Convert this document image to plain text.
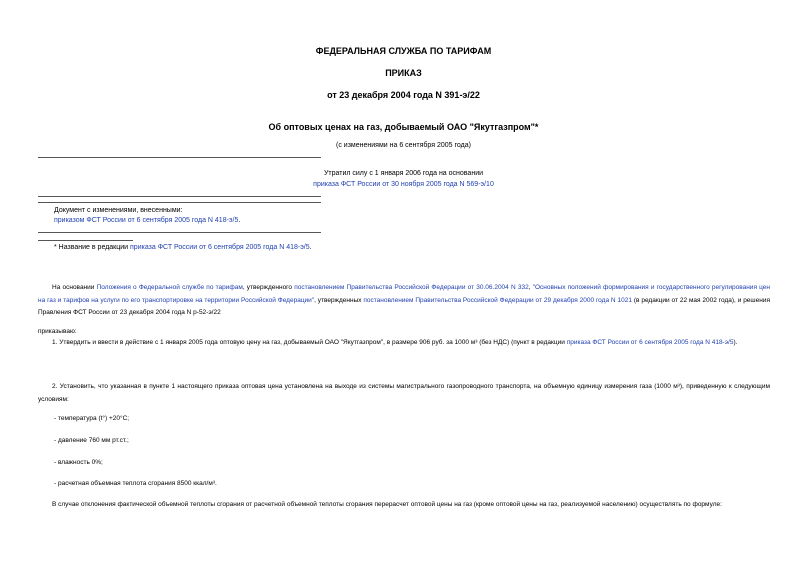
ФЕДЕРАЛЬНАЯ СЛУЖБА ПО ТАРИФАМ
ПРИКАЗ
от 23 декабря 2004 года N 391-э/22
Об оптовых ценах на газ, добываемый ОАО "Якутгазпром"*
(с изменениями на 6 сентября 2005 года)
Утратил силу с 1 января 2006 года на основании
приказа ФСТ России от 30 ноября 2005 года N 569-э/10
Документ с изменениями, внесенными:
приказом ФСТ России от 6 сентября 2005 года N 418-э/5.
* Название в редакции приказа ФСТ России от 6 сентября 2005 года N 418-э/5.
На основании Положения о Федеральной службе по тарифам, утвержденного постановлением Правительства Российской Федерации от 30.06.2004 N 332, "Основных положений формирования и государственного регулирования цен на газ и тарифов на услуги по его транспортировке на территории Российской Федерации", утвержденных постановлением Правительства Российской Федерации от 29 декабря 2000 года N 1021 (в редакции от 22 мая 2002 года), и решения Правления ФСТ России от 23 декабря 2004 года N р-52-э/22
приказываю:
1. Утвердить и ввести в действие с 1 января 2005 года оптовую цену на газ, добываемый ОАО "Якутгазпром", в размере 906 руб. за 1000 м³ (без НДС) (пункт в редакции приказа ФСТ России от 6 сентября 2005 года N 418-э/5).
2. Установить, что указанная в пункте 1 настоящего приказа оптовая цена установлена на выходе из системы магистрального газопроводного транспорта, на объемную единицу измерения газа (1000 м³), приведенную к следующим условиям:
- температура (t°) +20°С;
- давление 760 мм рт.ст.;
- влажность 0%;
- расчетная объемная теплота сгорания 8500 ккал/м³.
В случае отклонения фактической объемной теплоты сгорания от расчетной объемной теплоты сгорания перерасчет оптовой цены на газ (кроме оптовой цены на газ, реализуемой населению) осуществлять по формуле:
